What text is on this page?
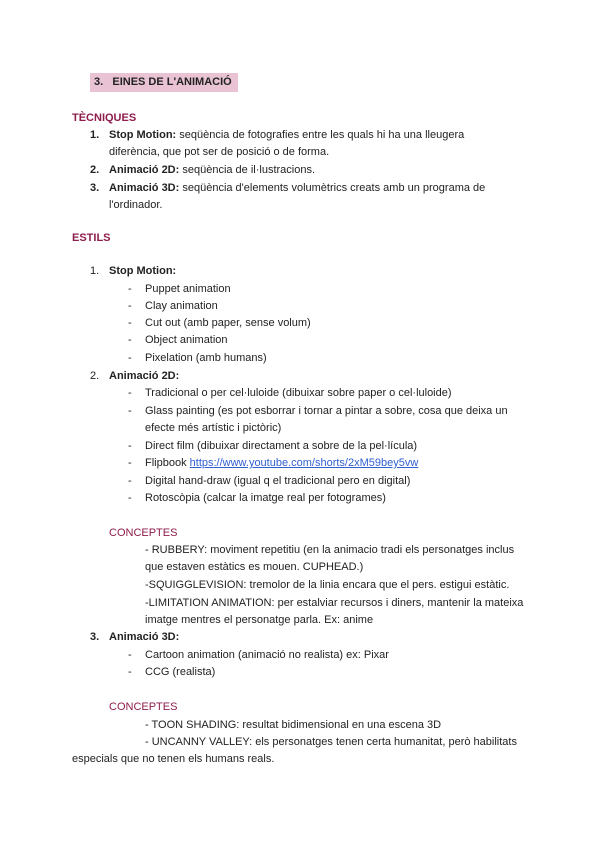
3. EINES DE L'ANIMACIÓ
TÈCNIQUES
1. Stop Motion: seqüència de fotografies entre les quals hi ha una lleugera
diferència, que pot ser de posició o de forma.
2. Animació 2D: seqüència de il·lustracions.
3. Animació 3D: seqüència d'elements volumètrics creats amb un programa de
l'ordinador.
ESTILS
1. Stop Motion:
- Puppet animation
- Clay animation
- Cut out (amb paper, sense volum)
- Object animation
- Pixelation (amb humans)
2. Animació 2D:
- Tradicional o per cel·luloide (dibuixar sobre paper o cel·luloide)
- Glass painting (es pot esborrar i tornar a pintar a sobre, cosa que deixa un
efecte més artístic i pictòric)
- Direct film (dibuixar directament a sobre de la pel·lícula)
- Flipbook https://www.youtube.com/shorts/2xM59bey5vw
- Digital hand-draw (igual q el tradicional pero en digital)
- Rotoscòpia (calcar la imatge real per fotogrames)
CONCEPTES
- RUBBERY: moviment repetitiu (en la animacio tradi els personatges inclus
que estaven estàtics es mouen. CUPHEAD.)
-SQUIGGLEVISION: tremolor de la linia encara que el pers. estigui estàtic.
-LIMITATION ANIMATION: per estalviar recursos i diners, mantenir la mateixa
imatge mentres el personatge parla. Ex: anime
3. Animació 3D:
- Cartoon animation (animació no realista) ex: Pixar
- CCG (realista)
CONCEPTES
- TOON SHADING: resultat bidimensional en una escena 3D
- UNCANNY VALLEY: els personatges tenen certa humanitat, però habilitats
especials que no tenen els humans reals.
